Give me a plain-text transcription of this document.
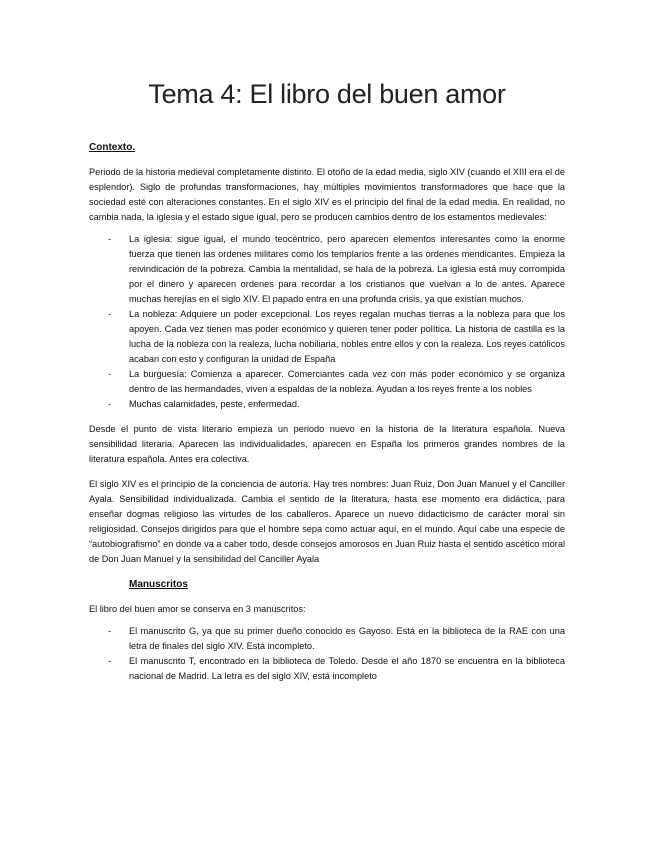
Tema 4: El libro del buen amor
Contexto.

Periodo de la historia medieval completamente distinto. El otoño de la edad media, siglo XIV (cuando el XIII era el de esplendor). Siglo de profundas transformaciones, hay múltiples movimientos transformadores que hace que la sociedad esté con alteraciones constantes. En el siglo XIV es el principio del final de la edad media. En realidad, no cambia nada, la iglesia y el estado sigue igual, pero se producen cambios dentro de los estamentos medievales:

- La iglesia: sigue igual, el mundo teocéntrico, pero aparecen elementos interesantes como la enorme fuerza que tienen las ordenes militares como los templarios frente a las ordenes mendicantes. Empieza la reivindicación de la pobreza. Cambia la mentalidad, se hala de la pobreza. La iglesia está muy corrompida por el dinero y aparecen ordenes para recordar a los cristianos que vuelvan a lo de antes. Aparece muchas herejías en el siglo XIV. El papado entra en una profunda crisis, ya que existían muchos.
- La nobleza: Adquiere un poder excepcional. Los reyes regalan muchas tierras a la nobleza para que los apoyen. Cada vez tienen mas poder económico y quieren tener poder política. La historia de castilla es la lucha de la nobleza con la realeza, lucha nobiliaria, nobles entre ellos y con la realeza. Los reyes católicos acaban con esto y configuran la unidad de España
- La burguesía: Comienza a aparecer. Comerciantes cada vez con más poder económico y se organiza dentro de las hermandades, viven a espaldas de la nobleza. Ayudan a los reyes frente a los nobles
- Muchas calamidades, peste, enfermedad.

Desde el punto de vista literario empieza un periodo nuevo en la historia de la literatura española. Nueva sensibilidad literaria. Aparecen las individualidades, aparecen en España los primeros grandes nombres de la literatura española. Antes era colectiva.

El siglo XIV es el principio de la conciencia de autoría. Hay tres nombres: Juan Ruiz, Don Juan Manuel y el Canciller Ayala. Sensibilidad individualizada. Cambia el sentido de la literatura, hasta ese momento era didáctica, para enseñar dogmas religioso las virtudes de los caballeros. Aparece un nuevo didacticismo de carácter moral sin religiosidad. Consejos dirigidos para que el hombre sepa como actuar aquí, en el mundo. Aquí cabe una especie de “autobiografismo” en donde va a caber todo, desde consejos amorosos en Juan Ruiz hasta el sentido ascético moral de Don Juan Manuel y la sensibilidad del Canciller Ayala

Manuscritos

El libro del buen amor se conserva en 3 manuscritos:

- El manuscrito G, ya que su primer dueño conocido es Gayoso. Está en la biblioteca de la RAE con una letra de finales del siglo XIV. Está incompleto.
- El manuscrito T, encontrado en la biblioteca de Toledo. Desde el año 1870 se encuentra en la biblioteca nacional de Madrid. La letra es del siglo XIV, está incompleto
